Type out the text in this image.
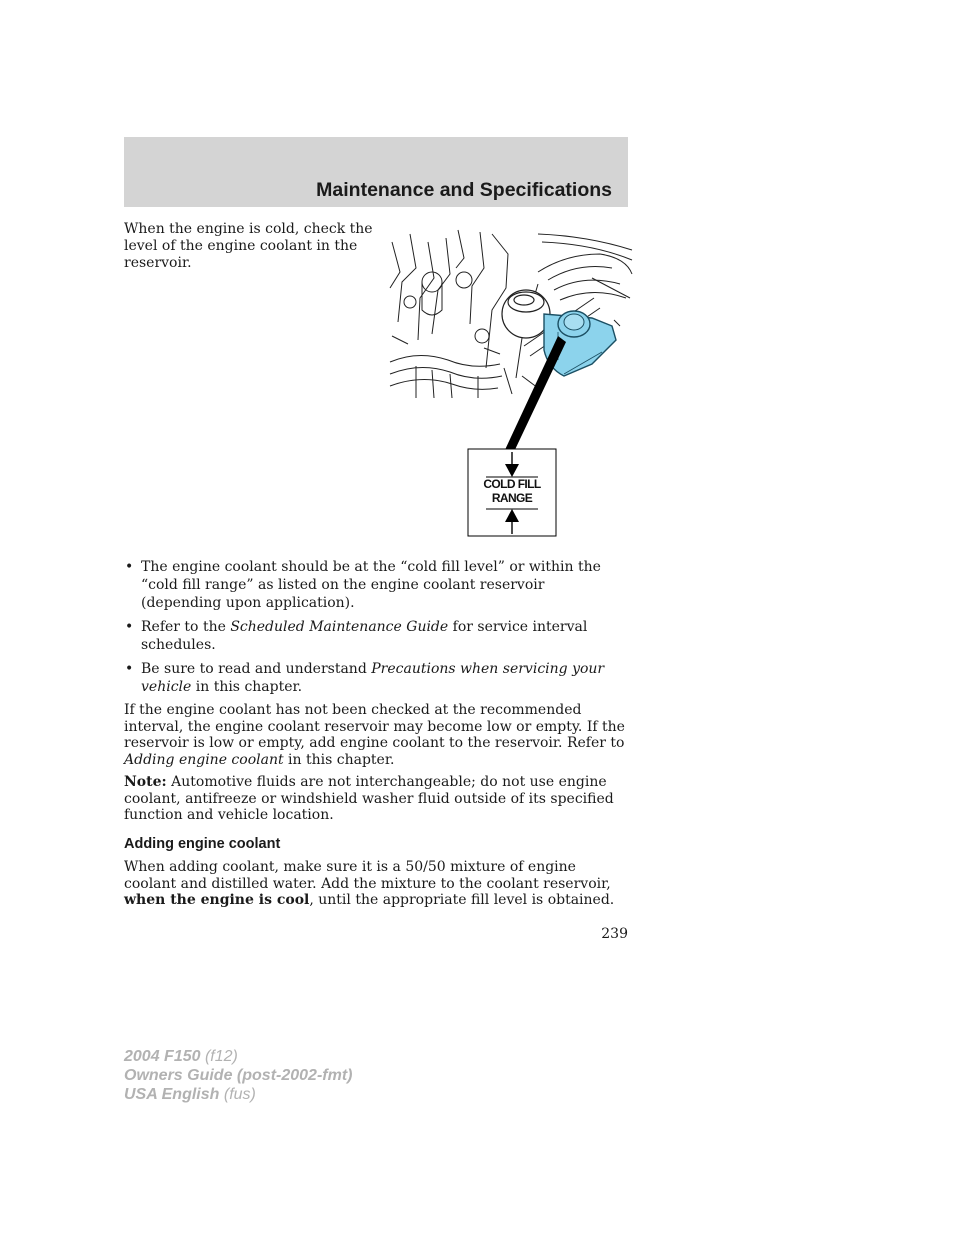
Maintenance and Specifications

When the engine is cold, check the level of the engine coolant in the reservoir.

COLD FILL
RANGE
• The engine coolant should be at the “cold fill level” or within the “cold fill range” as listed on the engine coolant reservoir (depending upon application).
• Refer to the Scheduled Maintenance Guide for service interval schedules.
• Be sure to read and understand Precautions when servicing your vehicle in this chapter.

If the engine coolant has not been checked at the recommended interval, the engine coolant reservoir may become low or empty. If the reservoir is low or empty, add engine coolant to the reservoir. Refer to Adding engine coolant in this chapter.

Note: Automotive fluids are not interchangeable; do not use engine coolant, antifreeze or windshield washer fluid outside of its specified function and vehicle location.

Adding engine coolant

When adding coolant, make sure it is a 50/50 mixture of engine coolant and distilled water. Add the mixture to the coolant reservoir, when the engine is cool, until the appropriate fill level is obtained.

239
2004 F150 (f12)
Owners Guide (post-2002-fmt)
USA English (fus)
